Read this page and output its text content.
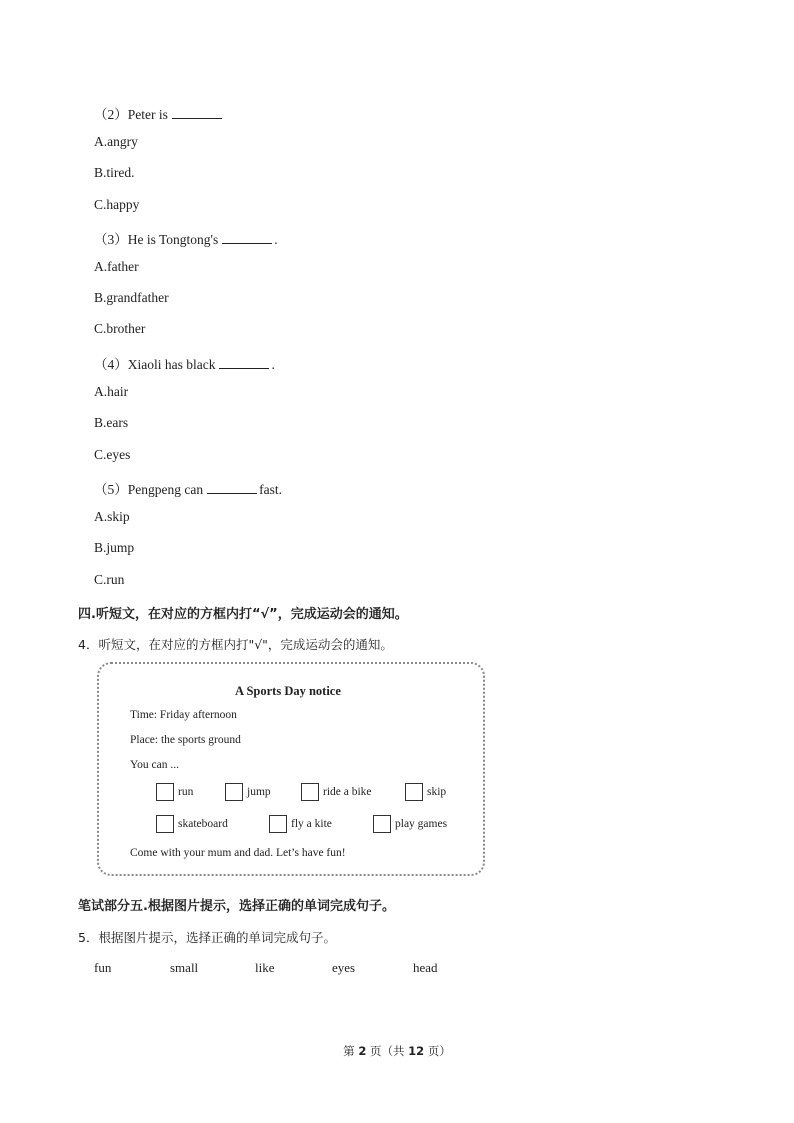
（2）Peter is
A.angry
B.tired.
C.happy
（3）He is Tongtong's	.
A.father
B.grandfather
C.brother
（4）Xiaoli has black	.
A.hair
B.ears
C.eyes
（5）Pengpeng can	fast.
A.skip
B.jump
C.run
四.听短文，在对应的方框内打“√”，完成运动会的通知。
4．听短文，在对应的方框内打"√"，完成运动会的通知。
A Sports Day notice
Time: Friday afternoon
Place: the sports ground
You can ...
run	jump	ride a bike	skip
skateboard	fly a kite	play games
Come with your mum and dad. Let’s have fun!
笔试部分五.根据图片提示，选择正确的单词完成句子。
5．根据图片提示，选择正确的单词完成句子。
fun	small	like	eyes	head
第 2 页（共 12 页）
